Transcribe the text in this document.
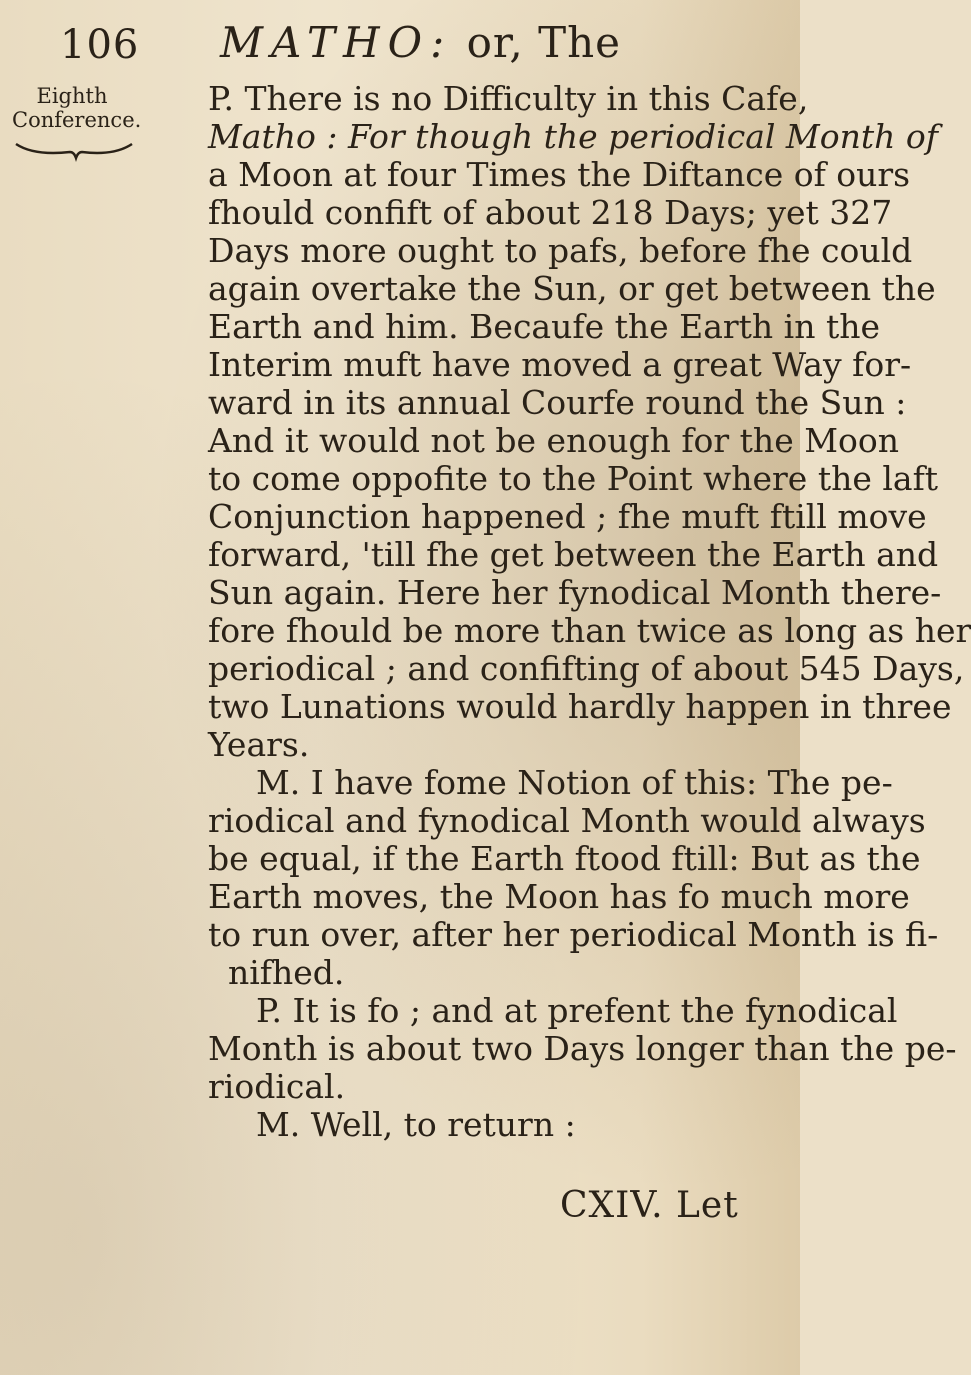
106 MATHO: or, The
Eighth
Conference.
P. There is no Difficulty in this Cafe,
Matho : For though the periodical Month of
a Moon at four Times the Diftance of ours
fhould confift of about 218 Days; yet 327
Days more ought to pafs, before fhe could
again overtake the Sun, or get between the
Earth and him. Becaufe the Earth in the
Interim muft have moved a great Way for-
ward in its annual Courfe round the Sun :
And it would not be enough for the Moon
to come oppofite to the Point where the laft
Conjunction happened ; fhe muft ftill move
forward, 'till fhe get between the Earth and
Sun again. Here her fynodical Month there-
fore fhould be more than twice as long as her
periodical ; and confifting of about 545 Days,
two Lunations would hardly happen in three
Years.
M. I have fome Notion of this: The pe-
riodical and fynodical Month would always
be equal, if the Earth ftood ftill: But as the
Earth moves, the Moon has fo much more
to run over, after her periodical Month is fi-
nifhed.
P. It is fo ; and at prefent the fynodical
Month is about two Days longer than the pe-
riodical.
M. Well, to return :
CXIV. Let
